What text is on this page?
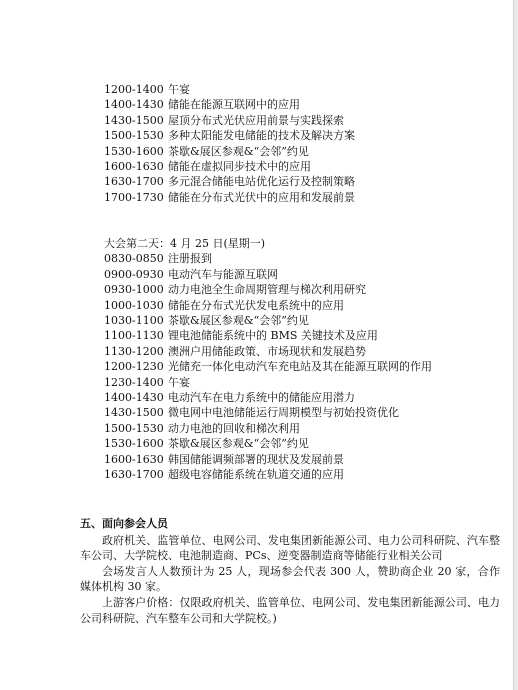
1200-1400 午宴
1400-1430 储能在能源互联网中的应用
1430-1500 屋顶分布式光伏应用前景与实践探索
1500-1530 多种太阳能发电储能的技术及解决方案
1530-1600 茶歇&展区参观&“会邻”约见
1600-1630 储能在虚拟同步技术中的应用
1630-1700 多元混合储能电站优化运行及控制策略
1700-1730 储能在分布式光伏中的应用和发展前景
大会第二天：4 月 25 日(星期一)
0830-0850 注册报到
0900-0930 电动汽车与能源互联网
0930-1000 动力电池全生命周期管理与梯次利用研究
1000-1030 储能在分布式光伏发电系统中的应用
1030-1100 茶歇&展区参观&“会邻”约见
1100-1130 锂电池储能系统中的 BMS 关键技术及应用
1130-1200 澳洲户用储能政策、市场现状和发展趋势
1200-1230 光储充一体化电动汽车充电站及其在能源互联网的作用
1230-1400 午宴
1400-1430 电动汽车在电力系统中的储能应用潜力
1430-1500 微电网中电池储能运行周期模型与初始投资优化
1500-1530 动力电池的回收和梯次利用
1530-1600 茶歇&展区参观&“会邻”约见
1600-1630 韩国储能调频部署的现状及发展前景
1630-1700 超级电容储能系统在轨道交通的应用
五、面向参会人员

政府机关、监管单位、电网公司、发电集团新能源公司、电力公司科研院、汽车整车公司、大学院校、电池制造商、PCs、逆变器制造商等储能行业相关公司

会场发言人人数预计为 25 人，现场参会代表 300 人，赞助商企业 20 家，合作媒体机构 30 家。

上游客户价格：仅限政府机关、监管单位、电网公司、发电集团新能源公司、电力公司科研院、汽车整车公司和大学院校。)
